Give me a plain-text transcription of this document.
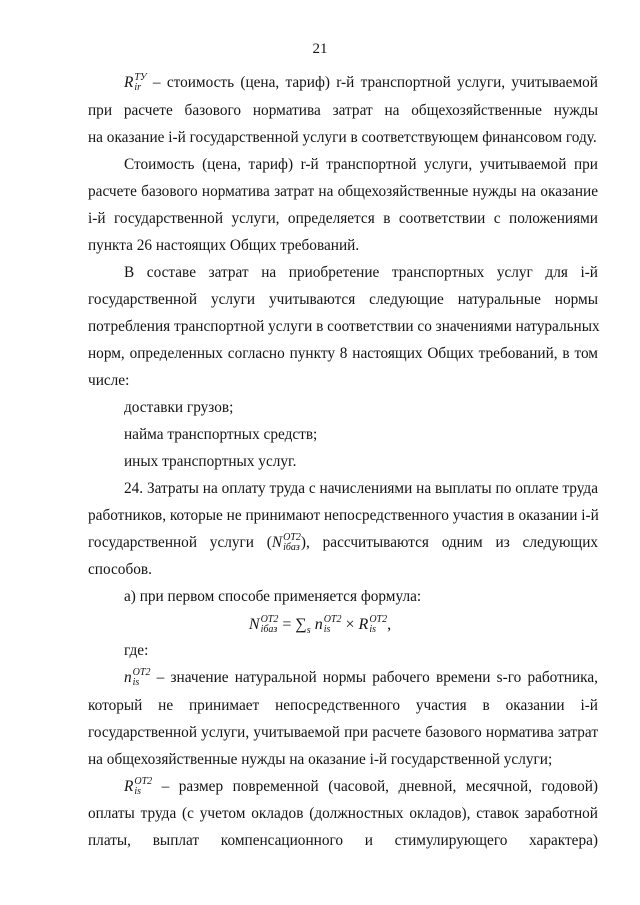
21
R ТУ
ir – стоимость (цена, тариф) r-й транспортной услуги, учитываемой
при расчете базового норматива затрат на общехозяйственные нужды
на оказание i-й государственной услуги в соответствующем финансовом году.
Стоимость (цена, тариф) r-й транспортной услуги, учитываемой при
расчете базового норматива затрат на общехозяйственные нужды на оказание
i-й государственной услуги, определяется в соответствии с положениями
пункта 26 настоящих Общих требований.
В составе затрат на приобретение транспортных услуг для i-й
государственной услуги учитываются следующие натуральные нормы
потребления транспортной услуги в соответствии со значениями натуральных
норм, определенных согласно пункту 8 настоящих Общих требований, в том
числе:
доставки грузов;
найма транспортных средств;
иных транспортных услуг.
24. Затраты на оплату труда с начислениями на выплаты по оплате труда
работников, которые не принимают непосредственного участия в оказании i-й
государственной услуги (N ОТ2
iбаз ), рассчитываются одним из следующих
способов.
а) при первом способе применяется формула:
N ОТ2
iбаз = $\sum_s$ n ОТ2
is × R ОТ2
is ,
где:
n ОТ2
is – значение натуральной нормы рабочего времени s-го работника,
который не принимает непосредственного участия в оказании i-й
государственной услуги, учитываемой при расчете базового норматива затрат
на общехозяйственные нужды на оказание i-й государственной услуги;
R ОТ2
is – размер повременной (часовой, дневной, месячной, годовой)
оплаты труда (с учетом окладов (должностных окладов), ставок заработной
платы, выплат компенсационного и стимулирующего характера)
